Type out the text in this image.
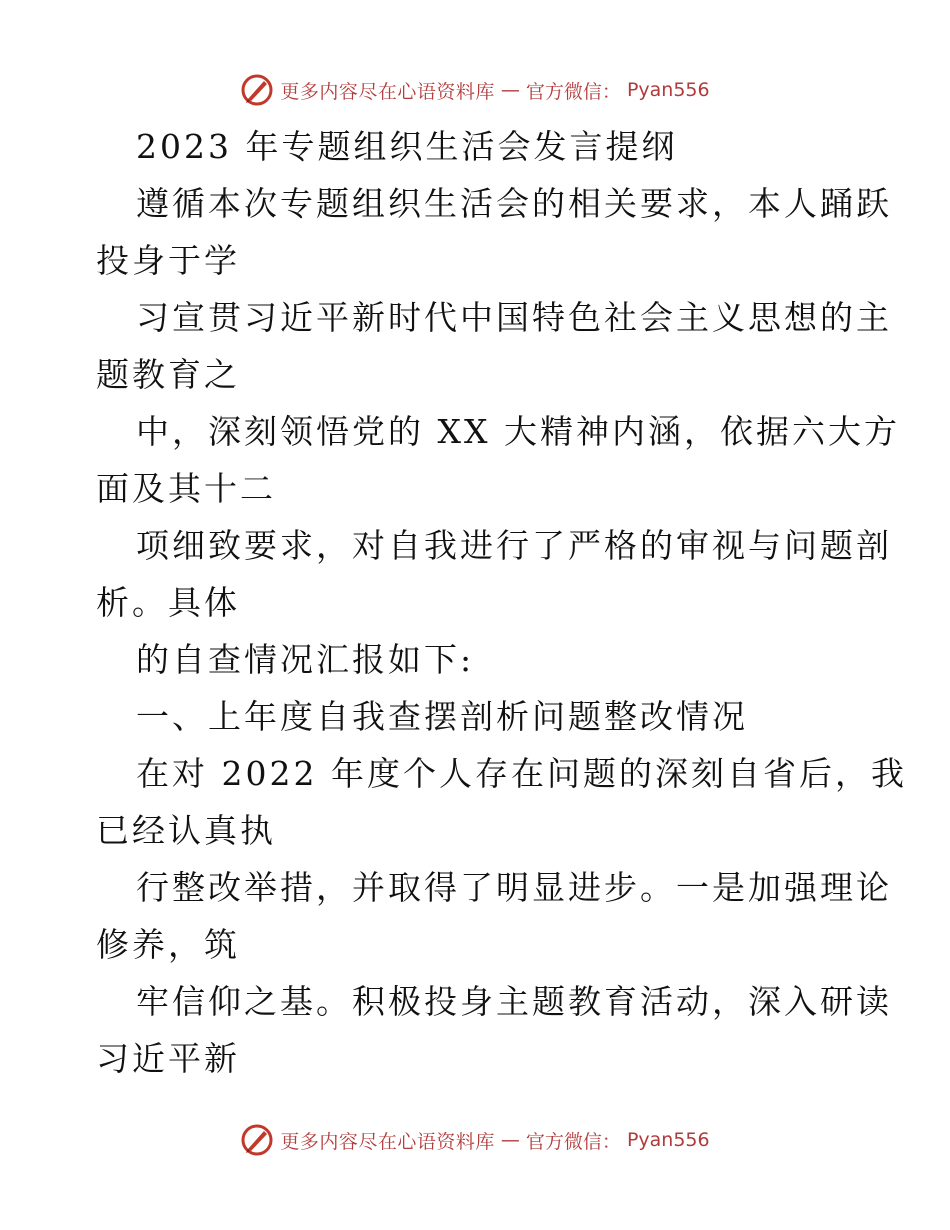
更多内容尽在心语资料库 — 官方微信： Pyan556
2023 年专题组织生活会发言提纲
遵循本次专题组织生活会的相关要求，本人踊跃
投身于学
习宣贯习近平新时代中国特色社会主义思想的主
题教育之
中，深刻领悟党的 XX 大精神内涵，依据六大方
面及其十二
项细致要求，对自我进行了严格的审视与问题剖
析。具体
的自查情况汇报如下:
一、上年度自我查摆剖析问题整改情况
在对 2022 年度个人存在问题的深刻自省后，我
已经认真执
行整改举措，并取得了明显进步。一是加强理论
修养，筑
牢信仰之基。积极投身主题教育活动，深入研读
习近平新
更多内容尽在心语资料库 — 官方微信： Pyan556
